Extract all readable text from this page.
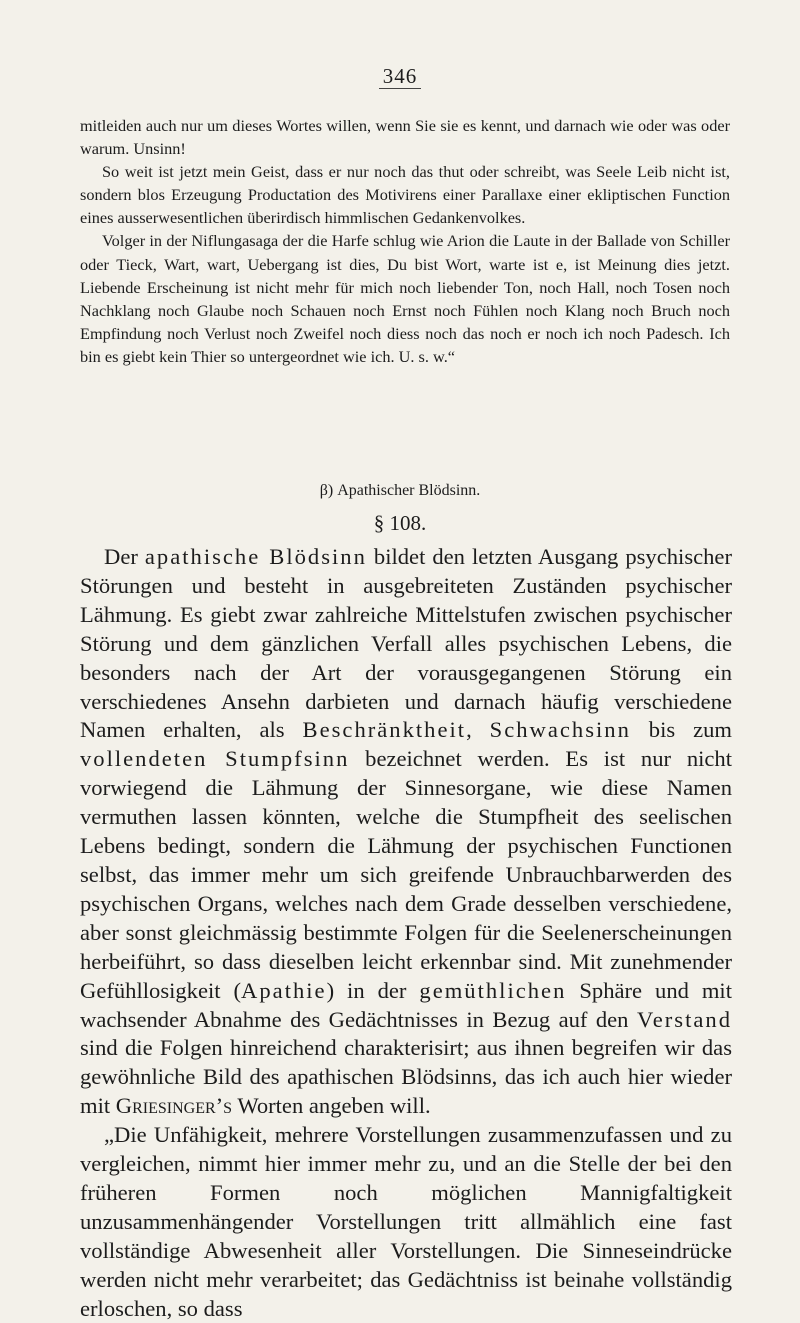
346

mitleiden auch nur um dieses Wortes willen, wenn Sie sie es kennt, und darnach wie oder was oder warum. Unsinn!

So weit ist jetzt mein Geist, dass er nur noch das thut oder schreibt, was Seele Leib nicht ist, sondern blos Erzeugung Productation des Motivirens einer Parallaxe einer ekliptischen Function eines ausserwesentlichen überirdisch himmlischen Gedankenvolkes.

Volger in der Niflungasaga der die Harfe schlug wie Arion die Laute in der Ballade von Schiller oder Tieck, Wart, wart, Uebergang ist dies, Du bist Wort, warte ist e, ist Meinung dies jetzt. Liebende Erscheinung ist nicht mehr für mich noch liebender Ton, noch Hall, noch Tosen noch Nachklang noch Glaube noch Schauen noch Ernst noch Fühlen noch Klang noch Bruch noch Empfindung noch Verlust noch Zweifel noch diess noch das noch er noch ich noch Padesch. Ich bin es giebt kein Thier so untergeordnet wie ich. U. s. w.“

β) Apathischer Blödsinn.
§ 108.

Der apathische Blödsinn bildet den letzten Ausgang psychischer Störungen und besteht in ausgebreiteten Zuständen psychischer Lähmung. Es giebt zwar zahlreiche Mittelstufen zwischen psychischer Störung und dem gänzlichen Verfall alles psychischen Lebens, die besonders nach der Art der vorausgegangenen Störung ein verschiedenes Ansehn darbieten und darnach häufig verschiedene Namen erhalten, als Beschränktheit, Schwachsinn bis zum vollendeten Stumpfsinn bezeichnet werden. Es ist nur nicht vorwiegend die Lähmung der Sinnesorgane, wie diese Namen vermuthen lassen könnten, welche die Stumpfheit des seelischen Lebens bedingt, sondern die Lähmung der psychischen Functionen selbst, das immer mehr um sich greifende Unbrauchbarwerden des psychischen Organs, welches nach dem Grade desselben verschiedene, aber sonst gleichmässig bestimmte Folgen für die Seelenerscheinungen herbeiführt, so dass dieselben leicht erkennbar sind. Mit zunehmender Gefühllosigkeit (Apathie) in der gemüthlichen Sphäre und mit wachsender Abnahme des Gedächtnisses in Bezug auf den Verstand sind die Folgen hinreichend charakterisirt; aus ihnen begreifen wir das gewöhnliche Bild des apathischen Blödsinns, das ich auch hier wieder mit Griesinger’s Worten angeben will.

„Die Unfähigkeit, mehrere Vorstellungen zusammenzufassen und zu vergleichen, nimmt hier immer mehr zu, und an die Stelle der bei den früheren Formen noch möglichen Mannigfaltigkeit unzusammenhängender Vorstellungen tritt allmählich eine fast vollständige Abwesenheit aller Vorstellungen. Die Sinneseindrücke werden nicht mehr verarbeitet; das Gedächtniss ist beinahe vollständig erloschen, so dass
